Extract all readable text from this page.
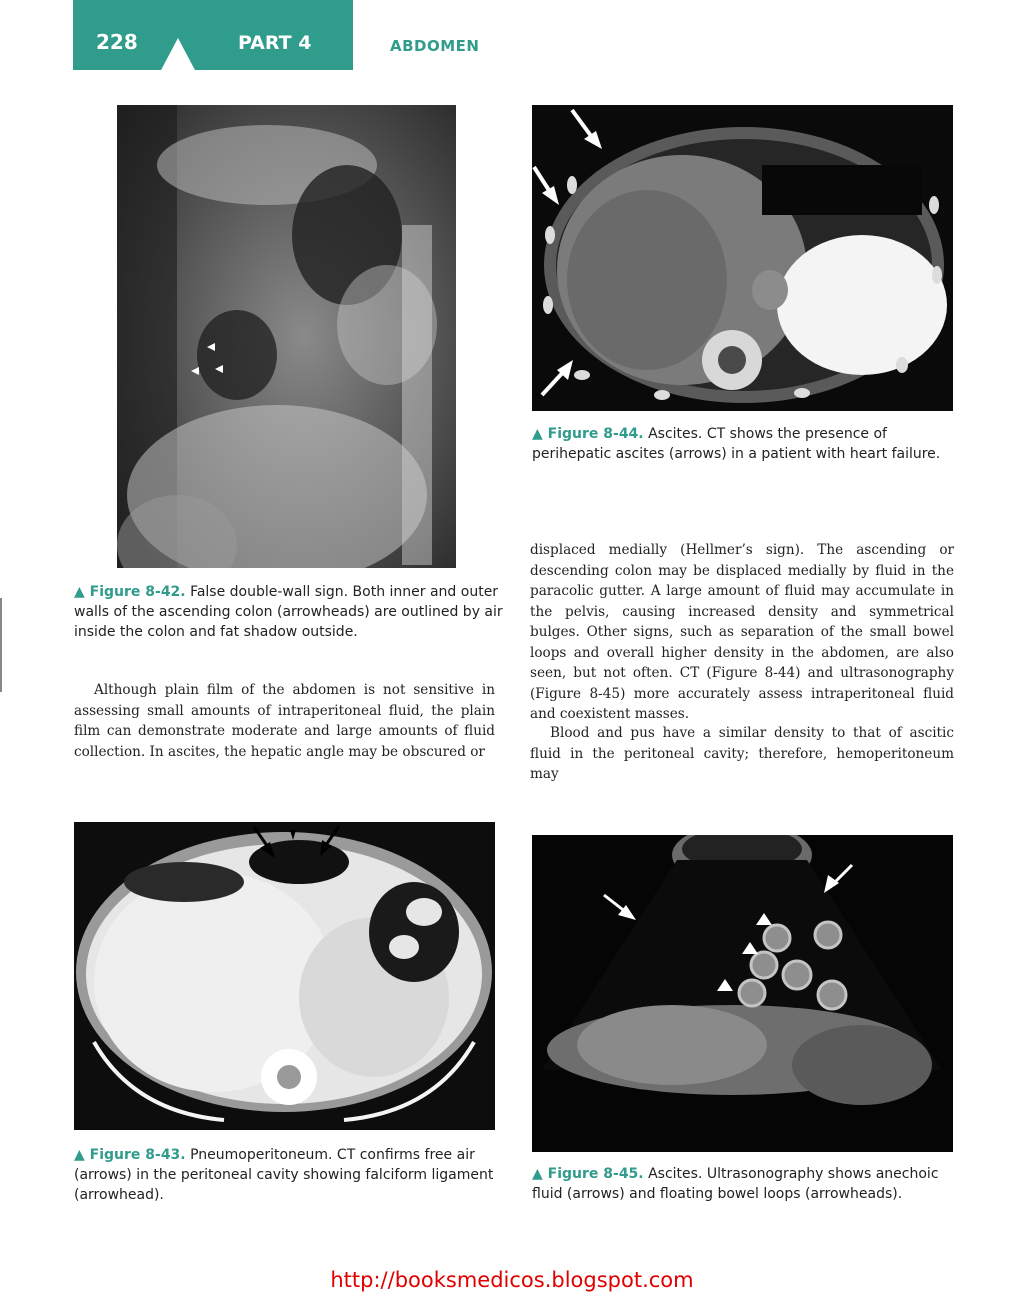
228	PART 4	ABDOMEN
▲ Figure 8-42. False double-wall sign. Both inner and outer walls of the ascending colon (arrowheads) are outlined by air inside the colon and fat shadow outside.
▲ Figure 8-44. Ascites. CT shows the presence of perihepatic ascites (arrows) in a patient with heart failure.

Although plain film of the abdomen is not sensitive in assessing small amounts of intraperitoneal fluid, the plain film can demonstrate moderate and large amounts of fluid collection. In ascites, the hepatic angle may be obscured or

displaced medially (Hellmer’s sign). The ascending or descending colon may be displaced medially by fluid in the paracolic gutter. A large amount of fluid may accumulate in the pelvis, causing increased density and symmetrical bulges. Other signs, such as separation of the small bowel loops and overall higher density in the abdomen, are also seen, but not often. CT (Figure 8-44) and ultrasonography (Figure 8-45) more accurately assess intraperitoneal fluid and coexistent masses.

Blood and pus have a similar density to that of ascitic fluid in the peritoneal cavity; therefore, hemoperitoneum may

▲ Figure 8-43. Pneumoperitoneum. CT confirms free air (arrows) in the peritoneal cavity showing falciform ligament (arrowhead).
▲ Figure 8-45. Ascites. Ultrasonography shows anechoic fluid (arrows) and floating bowel loops (arrowheads).
http://booksmedicos.blogspot.com
